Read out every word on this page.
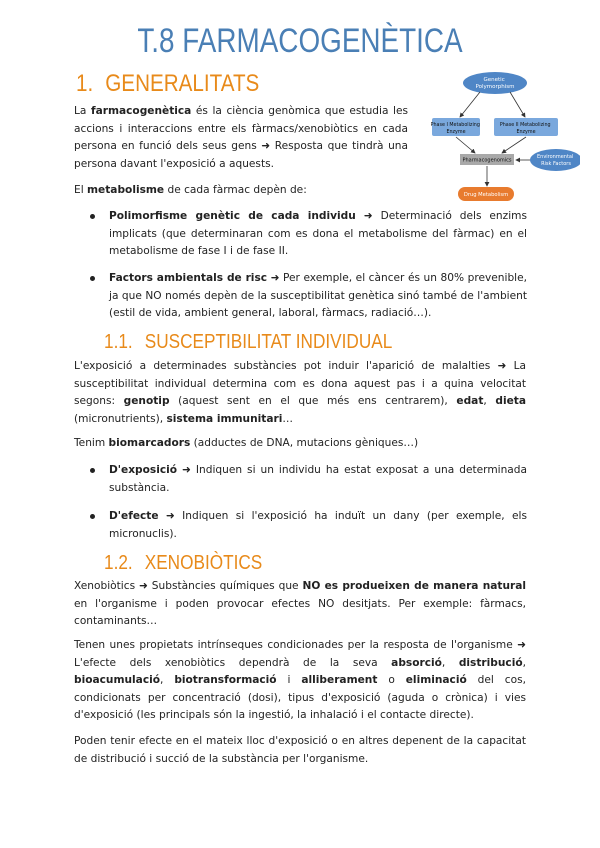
T.8 FARMACOGENÈTICA
1. GENERALITATS	Genetic Polymorphism
Phase I Metabolizing Enzyme
Phase II Metabolizing Enzyme
Pharmacogenomics
Environmental Risk Factors
Drug Metabolism

La farmacogenètica és la ciència genòmica que estudia les accions i interaccions entre els fàrmacs/xenobiòtics en cada persona en funció dels seus gens ➜ Resposta que tindrà una persona davant l'exposició a aquests.

El metabolisme de cada fàrmac depèn de:

Polimorfisme genètic de cada individu ➜ Determinació dels enzims implicats (que determinaran com es dona el metabolisme del fàrmac) en el metabolisme de fase I i de fase II.

Factors ambientals de risc ➜ Per exemple, el càncer és un 80% prevenible, ja que NO només depèn de la susceptibilitat genètica sinó també de l'ambient (estil de vida, ambient general, laboral, fàrmacs, radiació…).

1.1. SUSCEPTIBILITAT INDIVIDUAL

L'exposició a determinades substàncies pot induir l'aparició de malalties ➜ La susceptibilitat individual determina com es dona aquest pas i a quina velocitat segons: genotip (aquest sent en el que més ens centrarem), edat, dieta (micronutrients), sistema immunitari…

Tenim biomarcadors (adductes de DNA, mutacions gèniques…)

D'exposició ➜ Indiquen si un individu ha estat exposat a una determinada substància.

D'efecte ➜ Indiquen si l'exposició ha induït un dany (per exemple, els micronuclis).

1.2. XENOBIÒTICS

Xenobiòtics ➜ Substàncies químiques que NO es produeixen de manera natural en l'organisme i poden provocar efectes NO desitjats. Per exemple: fàrmacs, contaminants…

Tenen unes propietats intrínseques condicionades per la resposta de l'organisme ➜ L'efecte dels xenobiòtics dependrà de la seva absorció, distribució, bioacumulació, biotransformació i alliberament o eliminació del cos, condicionats per concentració (dosi), tipus d'exposició (aguda o crònica) i vies d'exposició (les principals són la ingestió, la inhalació i el contacte directe).

Poden tenir efecte en el mateix lloc d'exposició o en altres depenent de la capacitat de distribució i succió de la substància per l'organisme.
